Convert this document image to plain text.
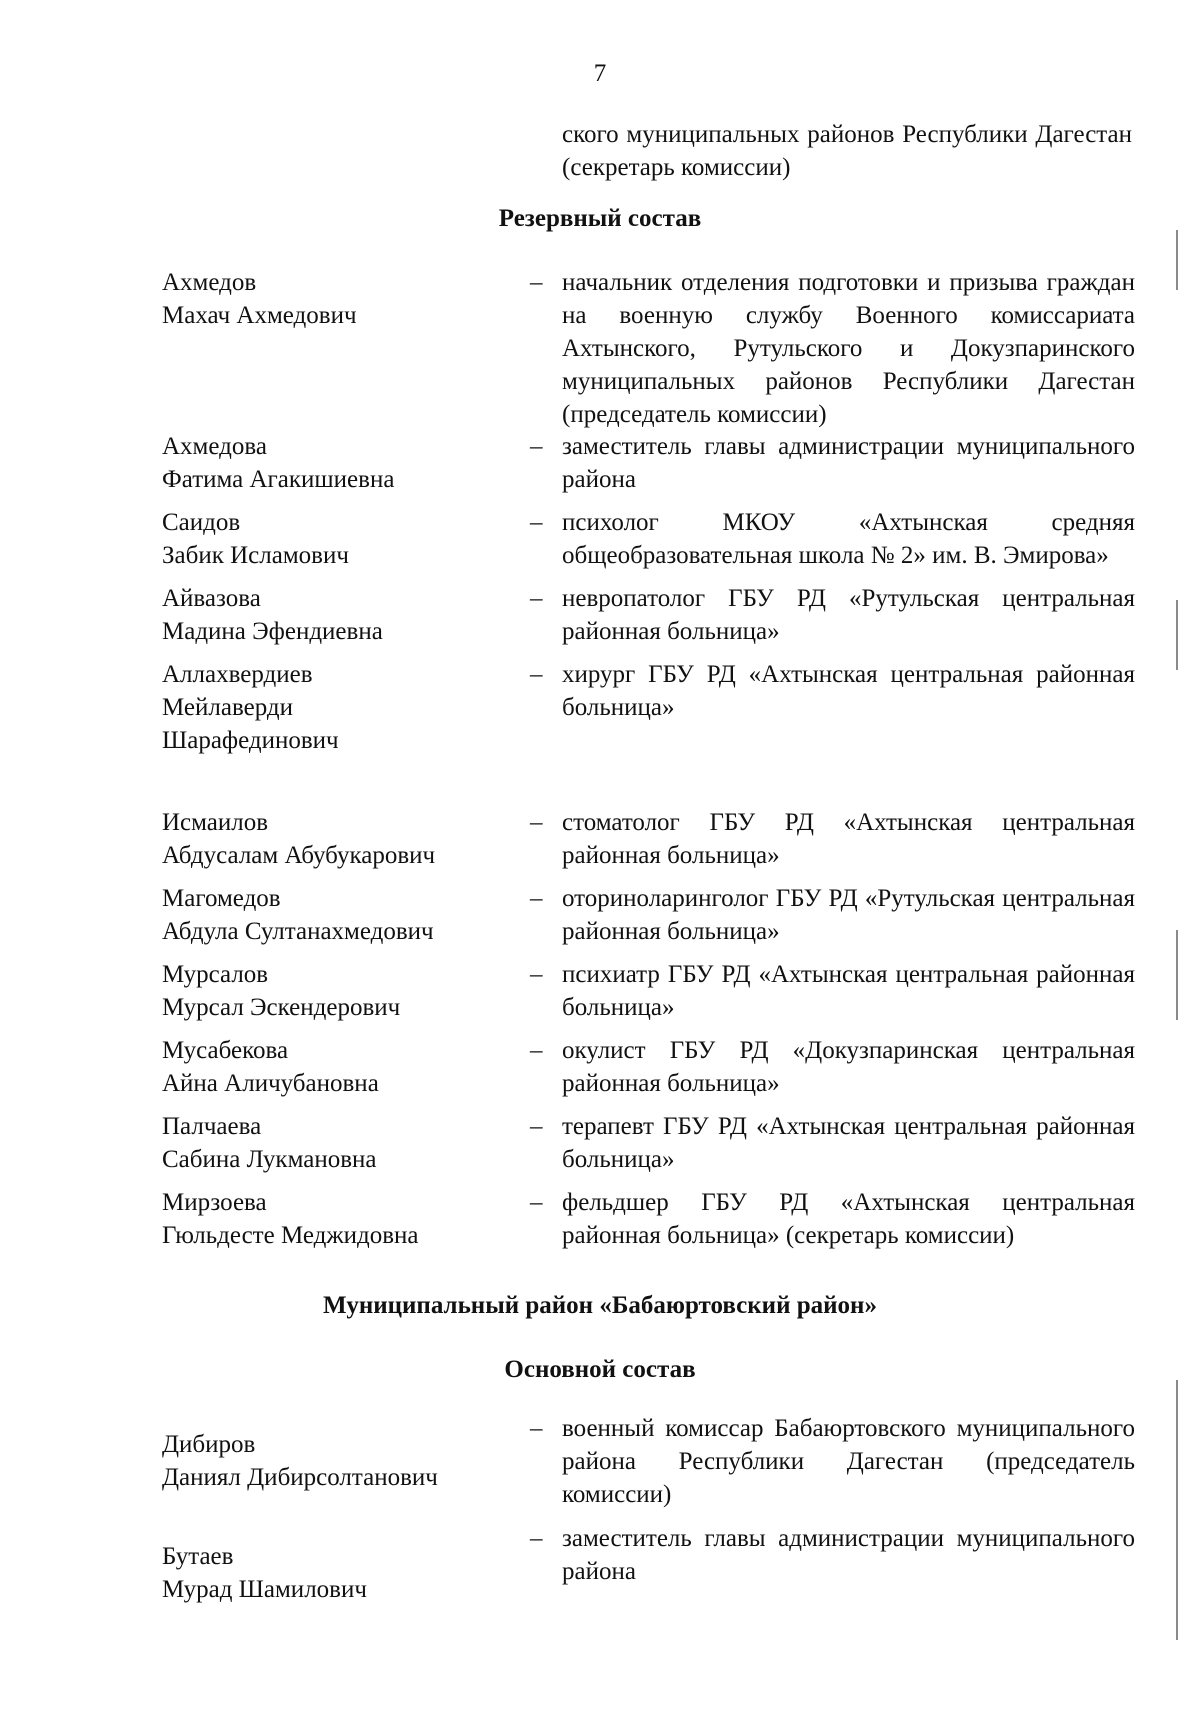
7
ского муниципальных районов Республики Дагестан (секретарь комиссии)
Резервный состав
Ахмедов
Махач Ахмедович
– начальник отделения подготовки и призыва граждан на военную службу Военного комиссариата Ахтынского, Рутульского и Докузпаринского муниципальных районов Республики Дагестан (председатель комиссии)
Ахмедова
Фатима Агакишиевна
– заместитель главы администрации муниципального района
Саидов
Забик Исламович
– психолог МКОУ «Ахтынская средняя общеобразовательная школа № 2» им. В. Эмирова»
Айвазова
Мадина Эфендиевна
– невропатолог ГБУ РД «Рутульская центральная районная больница»
Аллахвердиев
Мейлаверди Шарафединович
– хирург ГБУ РД «Ахтынская центральная районная больница»
Исмаилов
Абдусалам Абубукарович
– стоматолог ГБУ РД «Ахтынская центральная районная больница»
Магомедов
Абдула Султанахмедович
– оториноларинголог ГБУ РД «Рутульская центральная районная больница»
Мурсалов
Мурсал Эскендерович
– психиатр ГБУ РД «Ахтынская центральная районная больница»
Мусабекова
Айна Аличубановна
– окулист ГБУ РД «Докузпаринская центральная районная больница»
Палчаева
Сабина Лукмановна
– терапевт ГБУ РД «Ахтынская центральная районная больница»
Мирзоева
Гюльдесте Меджидовна
– фельдшер ГБУ РД «Ахтынская центральная районная больница» (секретарь комиссии)
Муниципальный район «Бабаюртовский район»
Основной состав
Дибиров
Даниял Дибирсолтанович
– военный комиссар Бабаюртовского муниципального района Республики Дагестан (председатель комиссии)
Бутаев
Мурад Шамилович
– заместитель главы администрации муниципального района
